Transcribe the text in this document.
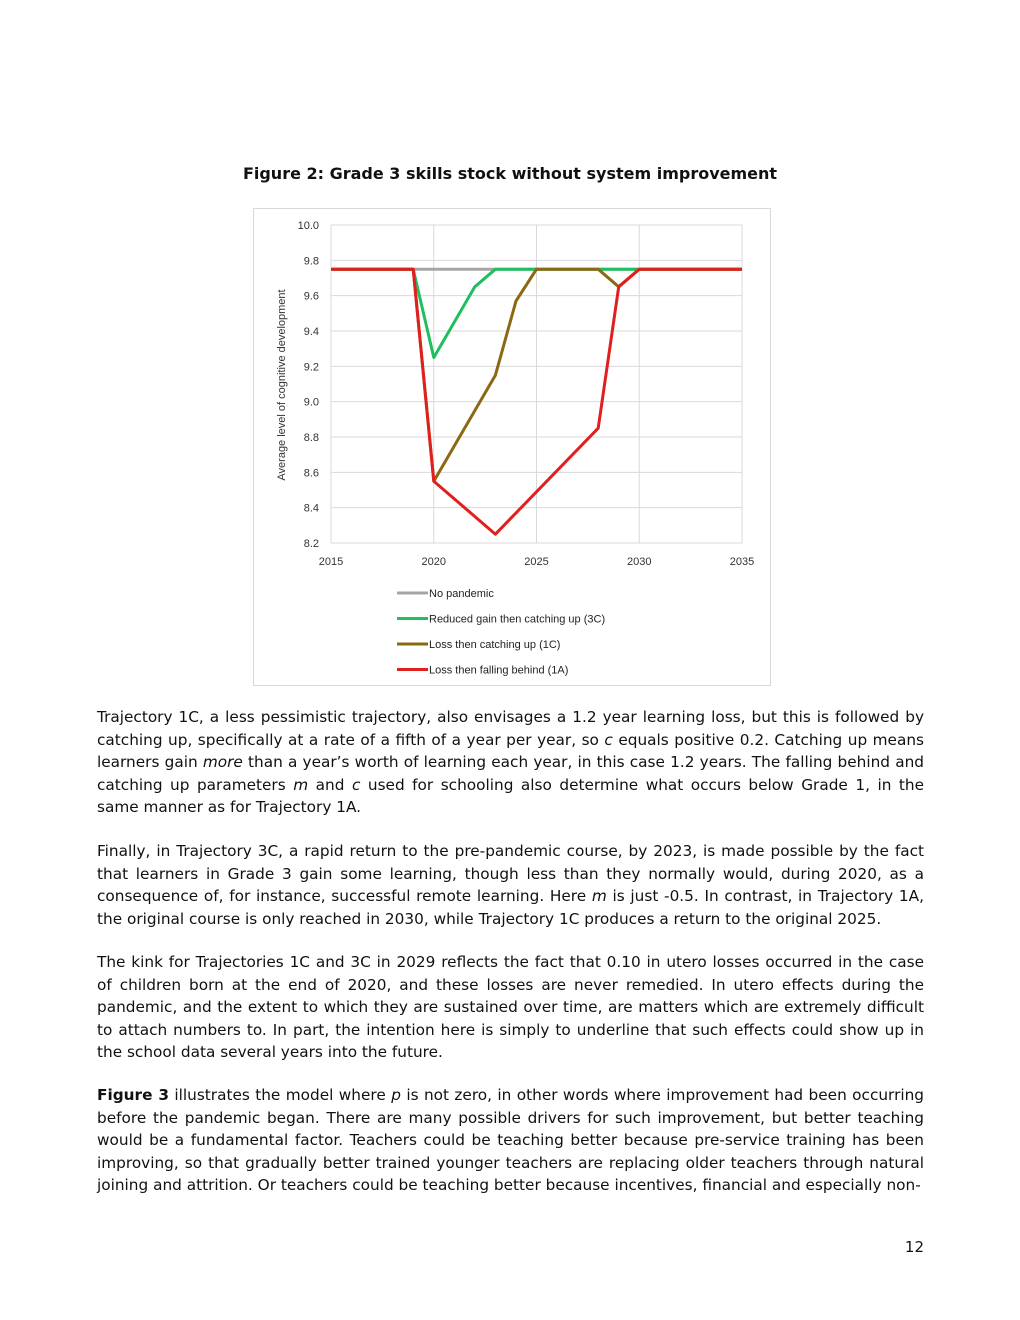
Figure 2: Grade 3 skills stock without system improvement
10.0
9.8
9.6
9.4
9.2
9.0
8.8
8.6
8.4
8.2
2015	2020	2025	2030	2035
No pandemic
Reduced gain then catching up (3C)
Loss then catching up (1C)
Loss then falling behind (1A)
Average level of cognitive development

Trajectory 1C, a less pessimistic trajectory, also envisages a 1.2 year learning loss, but this is followed by catching up, specifically at a rate of a fifth of a year per year, so c equals positive 0.2. Catching up means learners gain more than a year’s worth of learning each year, in this case 1.2 years. The falling behind and catching up parameters m and c used for schooling also determine what occurs below Grade 1, in the same manner as for Trajectory 1A.

Finally, in Trajectory 3C, a rapid return to the pre-pandemic course, by 2023, is made possible by the fact that learners in Grade 3 gain some learning, though less than they normally would, during 2020, as a consequence of, for instance, successful remote learning. Here m is just -0.5. In contrast, in Trajectory 1A, the original course is only reached in 2030, while Trajectory 1C produces a return to the original 2025.

The kink for Trajectories 1C and 3C in 2029 reflects the fact that 0.10 in utero losses occurred in the case of children born at the end of 2020, and these losses are never remedied. In utero effects during the pandemic, and the extent to which they are sustained over time, are matters which are extremely difficult to attach numbers to. In part, the intention here is simply to underline that such effects could show up in the school data several years into the future.

Figure 3 illustrates the model where p is not zero, in other words where improvement had been occurring before the pandemic began. There are many possible drivers for such improvement, but better teaching would be a fundamental factor. Teachers could be teaching better because pre-service training has been improving, so that gradually better trained younger teachers are replacing older teachers through natural joining and attrition. Or teachers could be teaching better because incentives, financial and especially non-

12
